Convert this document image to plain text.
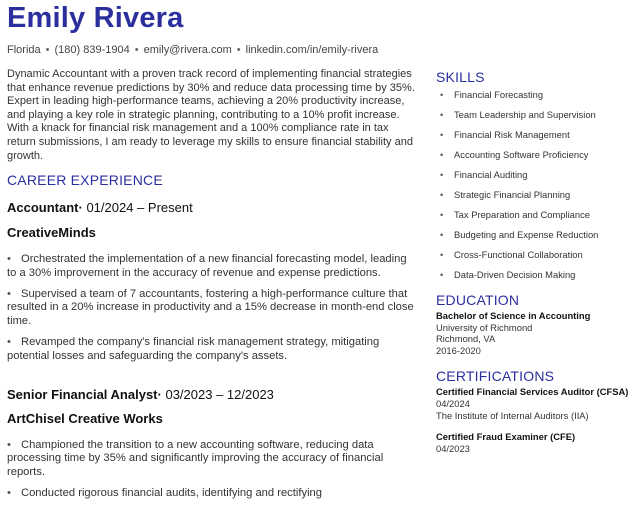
Emily Rivera
Florida • (180) 839-1904 • emily@rivera.com • linkedin.com/in/emily-rivera
Dynamic Accountant with a proven track record of implementing financial strategies that enhance revenue predictions by 30% and reduce data processing time by 35%. Expert in leading high-performance teams, achieving a 20% productivity increase, and playing a key role in strategic planning, contributing to a 10% profit increase. With a knack for financial risk management and a 100% compliance rate in tax return submissions, I am ready to leverage my skills to ensure financial stability and growth.
CAREER EXPERIENCE
Accountant· 01/2024 – Present
CreativeMinds
• Orchestrated the implementation of a new financial forecasting model, leading to a 30% improvement in the accuracy of revenue and expense predictions.
• Supervised a team of 7 accountants, fostering a high-performance culture that resulted in a 20% increase in productivity and a 15% decrease in month-end close time.
• Revamped the company's financial risk management strategy, mitigating potential losses and safeguarding the company's assets.
Senior Financial Analyst· 03/2023 – 12/2023
ArtChisel Creative Works
• Championed the transition to a new accounting software, reducing data processing time by 35% and significantly improving the accuracy of financial reports.
• Conducted rigorous financial audits, identifying and rectifying
SKILLS
• Financial Forecasting
• Team Leadership and Supervision
• Financial Risk Management
• Accounting Software Proficiency
• Financial Auditing
• Strategic Financial Planning
• Tax Preparation and Compliance
• Budgeting and Expense Reduction
• Cross-Functional Collaboration
• Data-Driven Decision Making
EDUCATION
Bachelor of Science in Accounting
University of Richmond
Richmond, VA
2016-2020
CERTIFICATIONS
Certified Financial Services Auditor (CFSA)
04/2024
The Institute of Internal Auditors (IIA)
Certified Fraud Examiner (CFE)
04/2023
